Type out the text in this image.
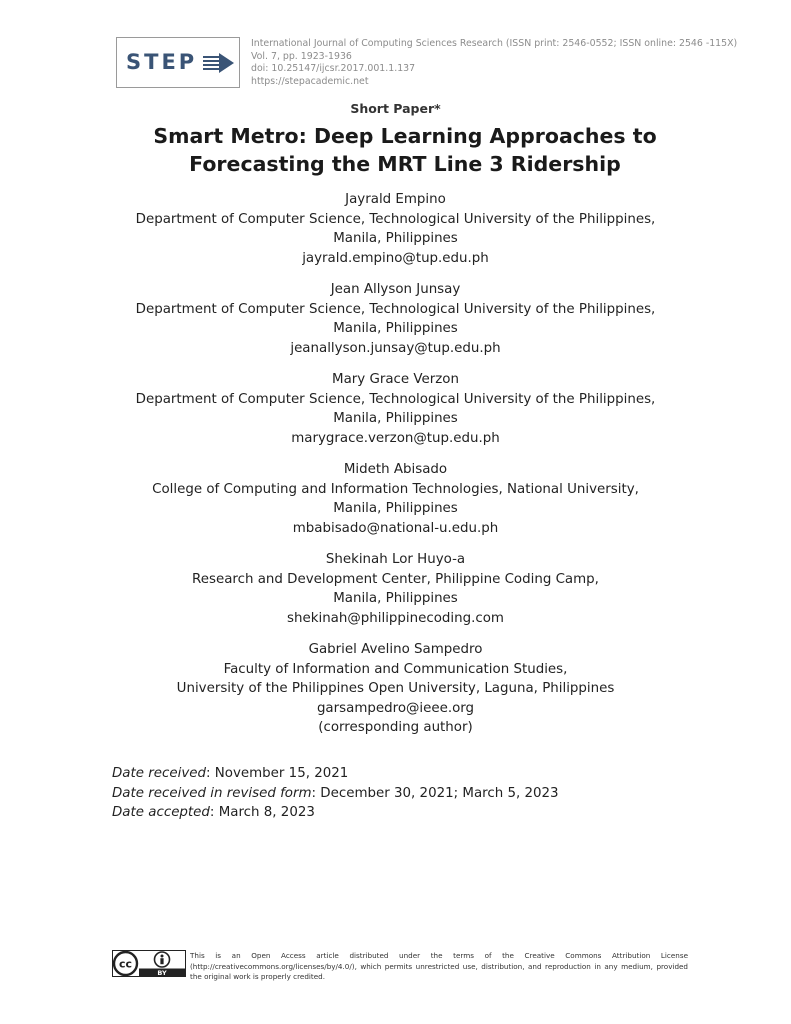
STEP
International Journal of Computing Sciences Research (ISSN print: 2546-0552; ISSN online: 2546 -115X)
Vol. 7, pp. 1923-1936
doi: 10.25147/ijcsr.2017.001.1.137
https://stepacademic.net
Short Paper*
Smart Metro: Deep Learning Approaches to Forecasting the MRT Line 3 Ridership
Jayrald Empino
Department of Computer Science, Technological University of the Philippines,
Manila, Philippines
jayrald.empino@tup.edu.ph
Jean Allyson Junsay
Department of Computer Science, Technological University of the Philippines,
Manila, Philippines
jeanallyson.junsay@tup.edu.ph
Mary Grace Verzon
Department of Computer Science, Technological University of the Philippines,
Manila, Philippines
marygrace.verzon@tup.edu.ph
Mideth Abisado
College of Computing and Information Technologies, National University,
Manila, Philippines
mbabisado@national-u.edu.ph
Shekinah Lor Huyo-a
Research and Development Center, Philippine Coding Camp,
Manila, Philippines
shekinah@philippinecoding.com
Gabriel Avelino Sampedro
Faculty of Information and Communication Studies,
University of the Philippines Open University, Laguna, Philippines
garsampedro@ieee.org
(corresponding author)
Date received: November 15, 2021
Date received in revised form: December 30, 2021; March 5, 2023
Date accepted: March 8, 2023
cc
BY
This is an Open Access article distributed under the terms of the Creative Commons Attribution License (http://creativecommons.org/licenses/by/4.0/), which permits unrestricted use, distribution, and reproduction in any medium, provided the original work is properly credited.
